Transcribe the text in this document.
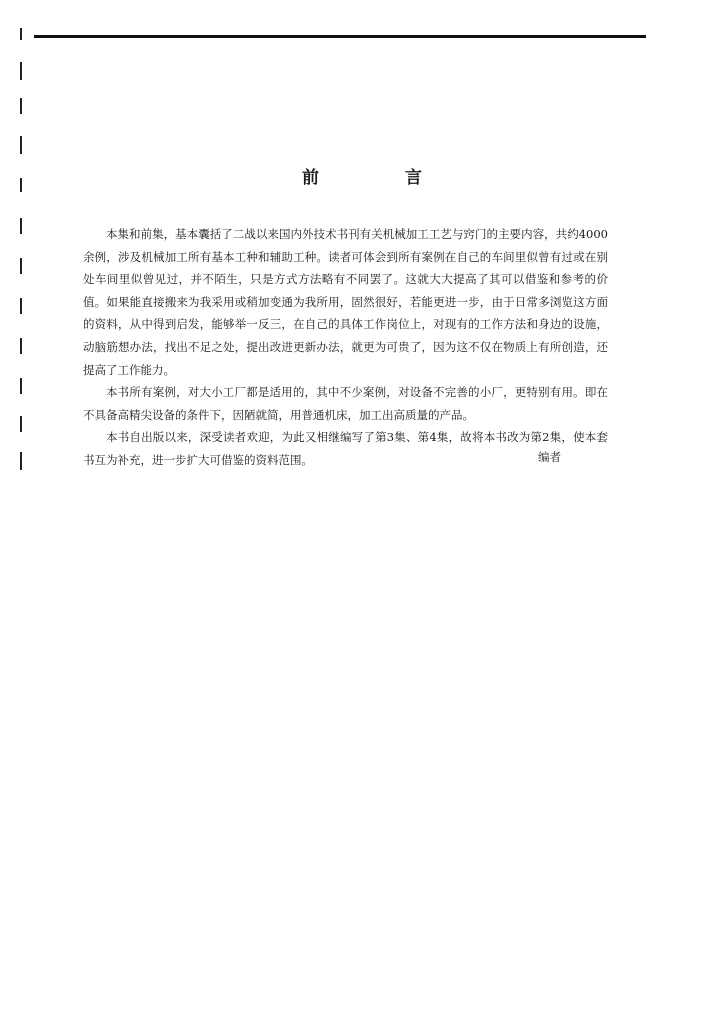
前 言

本集和前集，基本囊括了二战以来国内外技术书刊有关机械加工工艺与窍门的主要内容，共约4000余例，涉及机械加工所有基本工种和辅助工种。读者可体会到所有案例在自己的车间里似曾有过或在别处车间里似曾见过，并不陌生，只是方式方法略有不同罢了。这就大大提高了其可以借鉴和参考的价值。如果能直接搬来为我采用或稍加变通为我所用，固然很好，若能更进一步，由于日常多浏览这方面的资料，从中得到启发，能够举一反三，在自己的具体工作岗位上，对现有的工作方法和身边的设施，动脑筋想办法，找出不足之处，提出改进更新办法，就更为可贵了，因为这不仅在物质上有所创造，还提高了工作能力。

本书所有案例，对大小工厂都是适用的，其中不少案例，对设备不完善的小厂，更特别有用。即在不具备高精尖设备的条件下，因陋就简，用普通机床，加工出高质量的产品。

本书自出版以来，深受读者欢迎，为此又相继编写了第3集、第4集，故将本书改为第2集，使本套书互为补充，进一步扩大可借鉴的资料范围。	编者
